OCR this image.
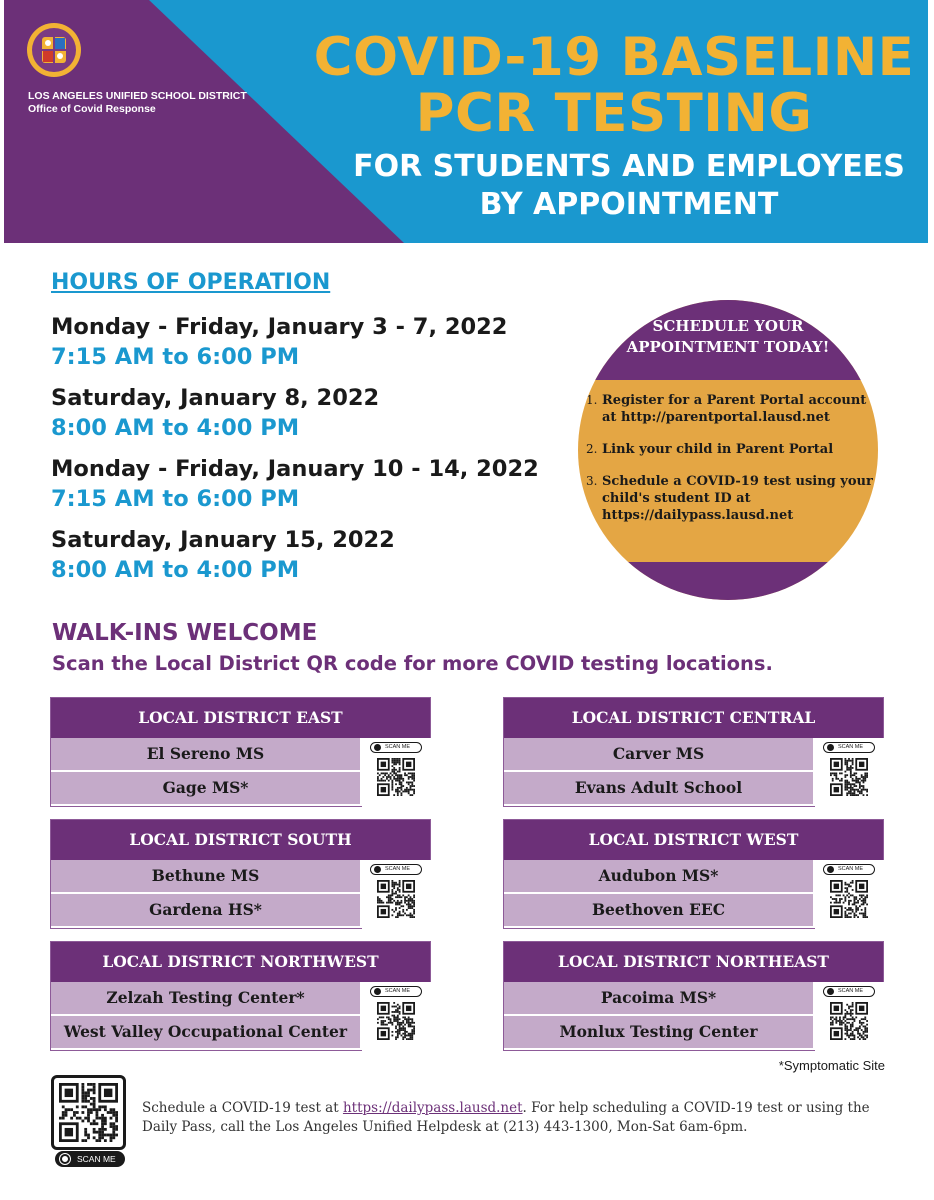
LOS ANGELES UNIFIED SCHOOL DISTRICT
Office of Covid Response
COVID-19 BASELINE
PCR TESTING
FOR STUDENTS AND EMPLOYEES
BY APPOINTMENT
HOURS OF OPERATION
Monday - Friday, January 3 - 7, 2022
7:15 AM to 6:00 PM
Saturday, January 8, 2022
8:00 AM to 4:00 PM
Monday - Friday, January 10 - 14, 2022
7:15 AM to 6:00 PM
Saturday, January 15, 2022
8:00 AM to 4:00 PM
SCHEDULE YOUR
APPOINTMENT TODAY!
1. Register for a Parent Portal account at http://parentportal.lausd.net
2. Link your child in Parent Portal
3. Schedule a COVID-19 test using your child's student ID at https://dailypass.lausd.net
WALK-INS WELCOME
Scan the Local District QR code for more COVID testing locations.
LOCAL DISTRICT EAST
El Sereno MS
Gage MS*
SCAN ME
LOCAL DISTRICT CENTRAL
Carver MS
Evans Adult School
SCAN ME
LOCAL DISTRICT SOUTH
Bethune MS
Gardena HS*
SCAN ME
LOCAL DISTRICT WEST
Audubon MS*
Beethoven EEC
SCAN ME
LOCAL DISTRICT NORTHWEST
Zelzah Testing Center*
West Valley Occupational Center
SCAN ME
LOCAL DISTRICT NORTHEAST
Pacoima MS*
Monlux Testing Center
SCAN ME
*Symptomatic Site
SCAN ME
Schedule a COVID-19 test at https://dailypass.lausd.net. For help scheduling a COVID-19 test or using the Daily Pass, call the Los Angeles Unified Helpdesk at (213) 443-1300, Mon-Sat 6am-6pm.
